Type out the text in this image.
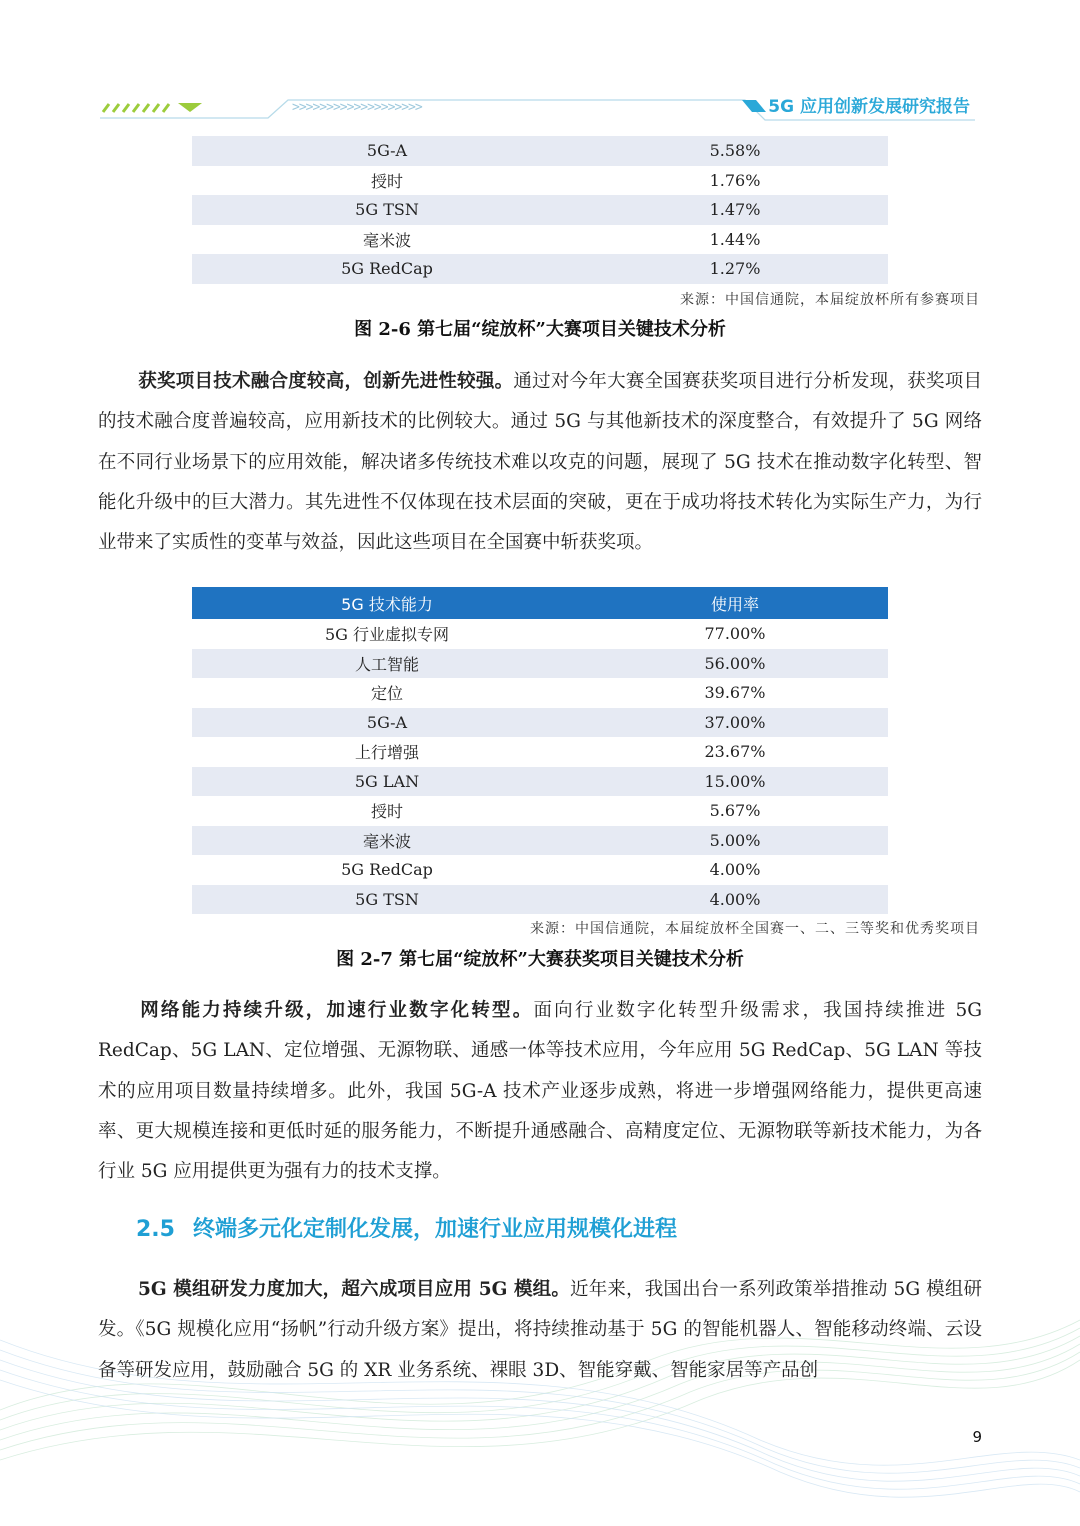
>>>>>>>>>>>>>>>>>>>	5G 应用创新发展研究报告
5G-A	5.58%
授时	1.76%
5G TSN	1.47%
毫米波	1.44%
5G RedCap	1.27%
来源：中国信通院，本届绽放杯所有参赛项目
图 2-6 第七届“绽放杯”大赛项目关键技术分析

获奖项目技术融合度较高，创新先进性较强。通过对今年大赛全国赛获奖项目进行分析发现，获奖项目的技术融合度普遍较高，应用新技术的比例较大。通过 5G 与其他新技术的深度整合，有效提升了 5G 网络在不同行业场景下的应用效能，解决诸多传统技术难以攻克的问题，展现了 5G 技术在推动数字化转型、智能化升级中的巨大潜力。其先进性不仅体现在技术层面的突破，更在于成功将技术转化为实际生产力，为行业带来了实质性的变革与效益，因此这些项目在全国赛中斩获奖项。

5G 技术能力	使用率
5G 行业虚拟专网	77.00%
人工智能	56.00%
定位	39.67%
5G-A	37.00%
上行增强	23.67%
5G LAN	15.00%
授时	5.67%
毫米波	5.00%
5G RedCap	4.00%
5G TSN	4.00%
来源：中国信通院，本届绽放杯全国赛一、二、三等奖和优秀奖项目
图 2-7 第七届“绽放杯”大赛获奖项目关键技术分析

网络能力持续升级，加速行业数字化转型。面向行业数字化转型升级需求，我国持续推进 5G RedCap、5G LAN、定位增强、无源物联、通感一体等技术应用，今年应用 5G RedCap、5G LAN 等技术的应用项目数量持续增多。此外，我国 5G-A 技术产业逐步成熟，将进一步增强网络能力，提供更高速率、更大规模连接和更低时延的服务能力，不断提升通感融合、高精度定位、无源物联等新技术能力，为各行业 5G 应用提供更为强有力的技术支撑。

2.5 终端多元化定制化发展，加速行业应用规模化进程

5G 模组研发力度加大，超六成项目应用 5G 模组。近年来，我国出台一系列政策举措推动 5G 模组研发。《5G 规模化应用“扬帆”行动升级方案》提出，将持续推动基于 5G 的智能机器人、智能移动终端、云设备等研发应用，鼓励融合 5G 的 XR 业务系统、裸眼 3D、智能穿戴、智能家居等产品创

9
